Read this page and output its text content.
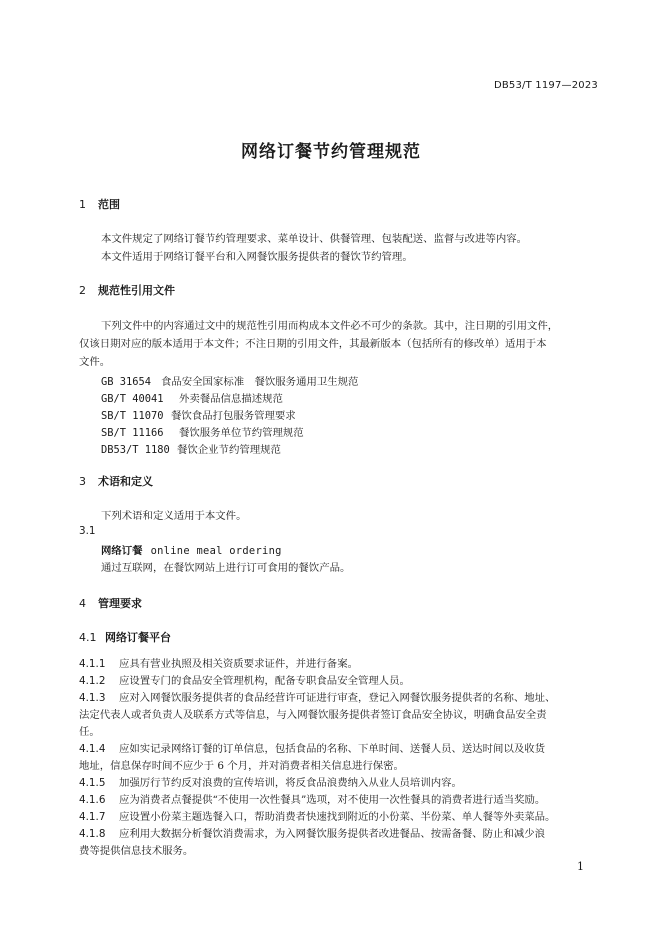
DB53/T 1197—2023
网络订餐节约管理规范
1 范围
本文件规定了网络订餐节约管理要求、菜单设计、供餐管理、包装配送、监督与改进等内容。
本文件适用于网络订餐平台和入网餐饮服务提供者的餐饮节约管理。
2 规范性引用文件
下列文件中的内容通过文中的规范性引用而构成本文件必不可少的条款。其中，注日期的引用文件，
仅该日期对应的版本适用于本文件；不注日期的引用文件，其最新版本（包括所有的修改单）适用于本
文件。
GB 31654 食品安全国家标准　餐饮服务通用卫生规范
GB/T 40041 外卖餐品信息描述规范
SB/T 11070 餐饮食品打包服务管理要求
SB/T 11166 餐饮服务单位节约管理规范
DB53/T 1180 餐饮企业节约管理规范
3 术语和定义
下列术语和定义适用于本文件。
3.1
网络订餐 online meal ordering
通过互联网，在餐饮网站上进行订可食用的餐饮产品。
4 管理要求
4.1 网络订餐平台
4.1.1 应具有营业执照及相关资质要求证件，并进行备案。
4.1.2 应设置专门的食品安全管理机构，配备专职食品安全管理人员。
4.1.3 应对入网餐饮服务提供者的食品经营许可证进行审查，登记入网餐饮服务提供者的名称、地址、
法定代表人或者负责人及联系方式等信息，与入网餐饮服务提供者签订食品安全协议，明确食品安全责
任。
4.1.4 应如实记录网络订餐的订单信息，包括食品的名称、下单时间、送餐人员、送达时间以及收货
地址，信息保存时间不应少于 6 个月，并对消费者相关信息进行保密。
4.1.5 加强厉行节约反对浪费的宣传培训，将反食品浪费纳入从业人员培训内容。
4.1.6 应为消费者点餐提供“不使用一次性餐具”选项，对不使用一次性餐具的消费者进行适当奖励。
4.1.7 应设置小份菜主题选餐入口，帮助消费者快速找到附近的小份菜、半份菜、单人餐等外卖菜品。
4.1.8 应利用大数据分析餐饮消费需求，为入网餐饮服务提供者改进餐品、按需备餐、防止和减少浪
费等提供信息技术服务。
1
